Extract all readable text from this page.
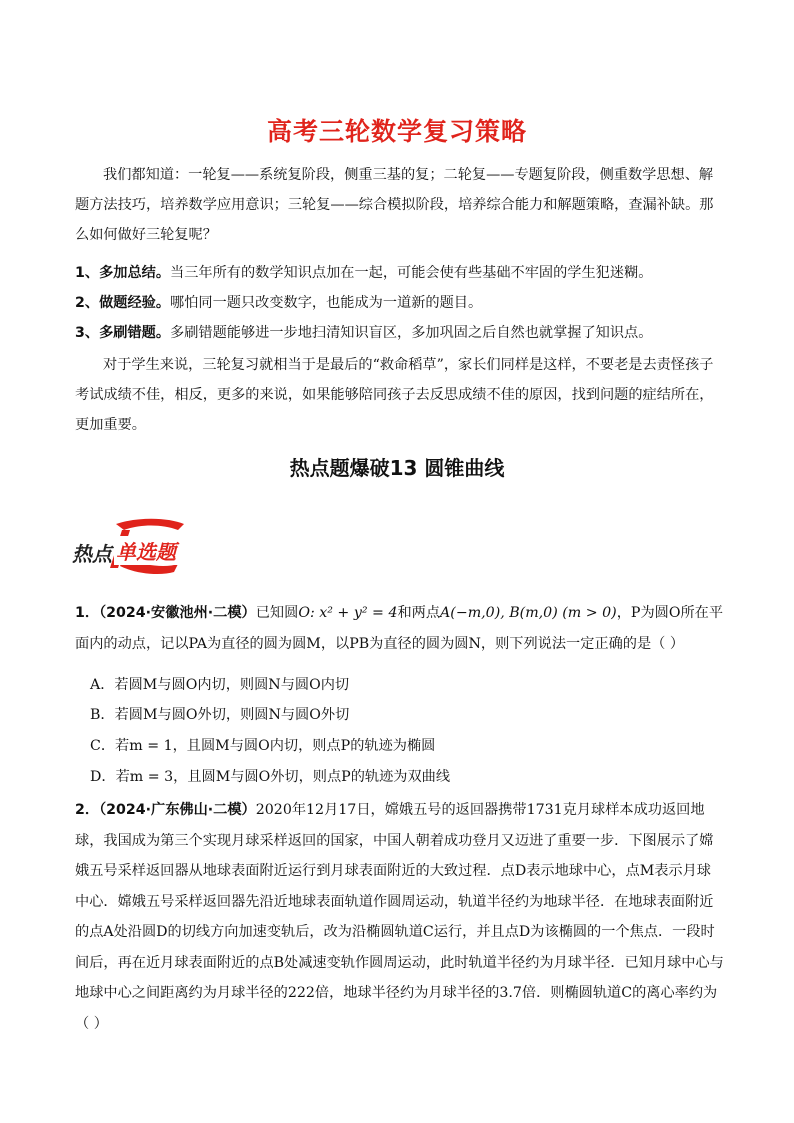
高考三轮数学复习策略
我们都知道：一轮复——系统复阶段，侧重三基的复；二轮复——专题复阶段，侧重数学思想、解题方法技巧，培养数学应用意识；三轮复——综合模拟阶段，培养综合能力和解题策略，查漏补缺。那么如何做好三轮复呢？
1、多加总结。当三年所有的数学知识点加在一起，可能会使有些基础不牢固的学生犯迷糊。
2、做题经验。哪怕同一题只改变数字，也能成为一道新的题目。
3、多刷错题。多刷错题能够进一步地扫清知识盲区，多加巩固之后自然也就掌握了知识点。
对于学生来说，三轮复习就相当于是最后的“救命稻草”，家长们同样是这样，不要老是去责怪孩子考试成绩不佳，相反，更多的来说，如果能够陪同孩子去反思成绩不佳的原因，找到问题的症结所在，更加重要。
热点题爆破13 圆锥曲线
热点 单选题
1．（2024·安徽池州·二模）已知圆O: x² + y² = 4和两点A(−m,0), B(m,0) (m > 0)，P为圆O所在平面内的动点，记以PA为直径的圆为圆M，以PB为直径的圆为圆N，则下列说法一定正确的是（ ）
A．若圆M与圆O内切，则圆N与圆O内切
B．若圆M与圆O外切，则圆N与圆O外切
C．若m = 1，且圆M与圆O内切，则点P的轨迹为椭圆
D．若m = 3，且圆M与圆O外切，则点P的轨迹为双曲线
2．（2024·广东佛山·二模）2020年12月17日，嫦娥五号的返回器携带1731克月球样本成功返回地球，我国成为第三个实现月球采样返回的国家，中国人朝着成功登月又迈进了重要一步．下图展示了嫦娥五号采样返回器从地球表面附近运行到月球表面附近的大致过程．点D表示地球中心，点M表示月球中心．嫦娥五号采样返回器先沿近地球表面轨道作圆周运动，轨道半径约为地球半径．在地球表面附近的点A处沿圆D的切线方向加速变轨后，改为沿椭圆轨道C运行，并且点D为该椭圆的一个焦点．一段时间后，再在近月球表面附近的点B处减速变轨作圆周运动，此时轨道半径约为月球半径．已知月球中心与地球中心之间距离约为月球半径的222倍，地球半径约为月球半径的3.7倍．则椭圆轨道C的离心率约为（ ）
